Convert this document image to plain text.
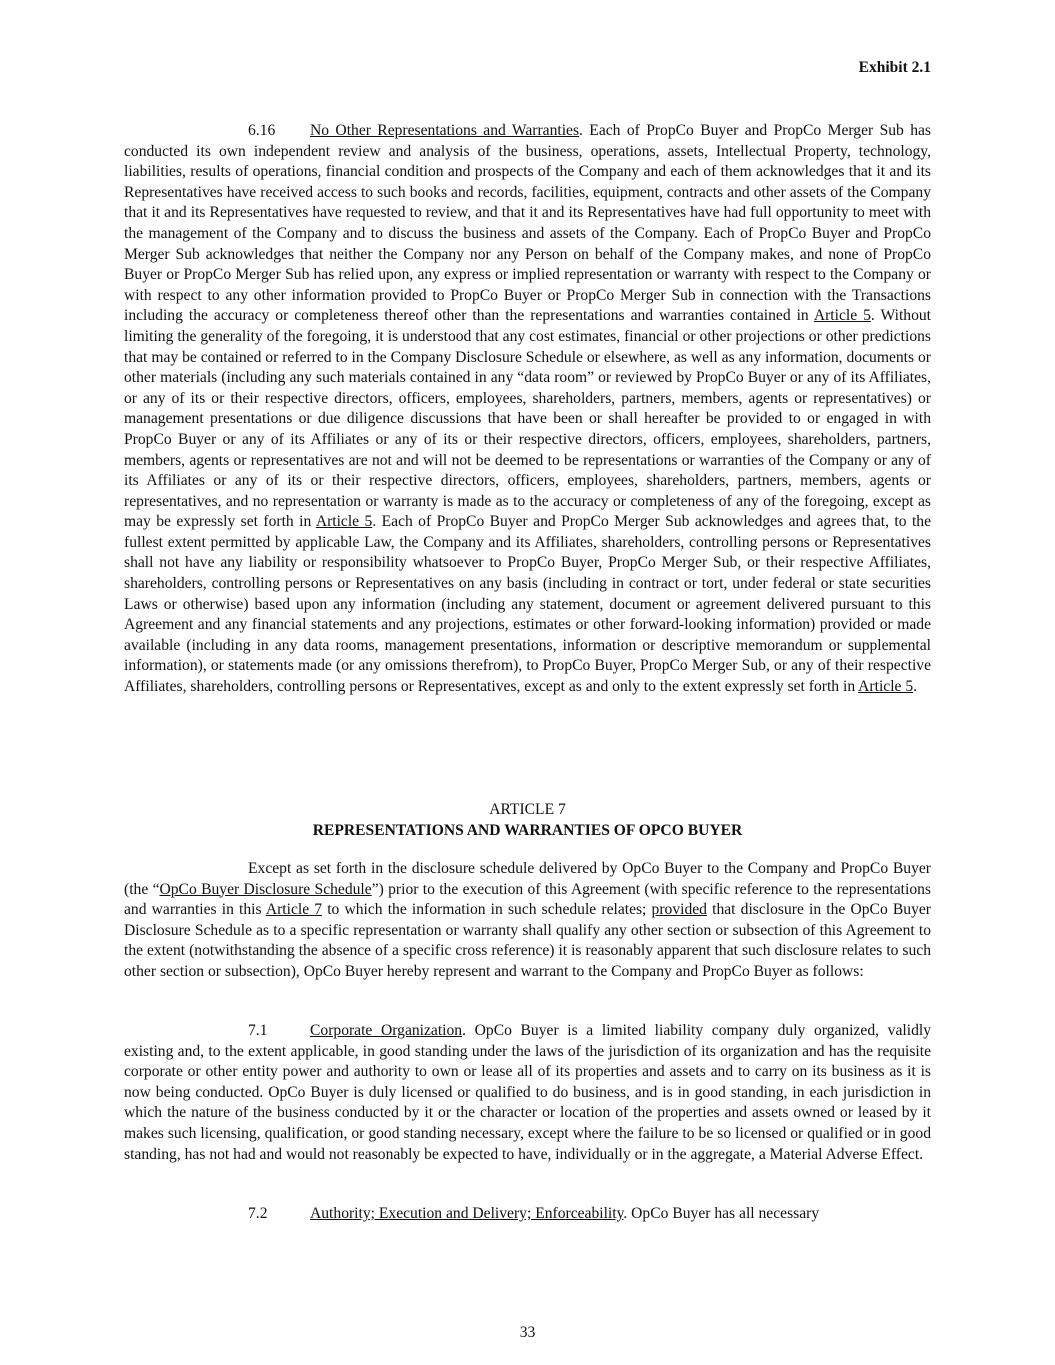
Exhibit 2.1

6.16 No Other Representations and Warranties. Each of PropCo Buyer and PropCo Merger Sub has conducted its own independent review and analysis of the business, operations, assets, Intellectual Property, technology, liabilities, results of operations, financial condition and prospects of the Company and each of them acknowledges that it and its Representatives have received access to such books and records, facilities, equipment, contracts and other assets of the Company that it and its Representatives have requested to review, and that it and its Representatives have had full opportunity to meet with the management of the Company and to discuss the business and assets of the Company. Each of PropCo Buyer and PropCo Merger Sub acknowledges that neither the Company nor any Person on behalf of the Company makes, and none of PropCo Buyer or PropCo Merger Sub has relied upon, any express or implied representation or warranty with respect to the Company or with respect to any other information provided to PropCo Buyer or PropCo Merger Sub in connection with the Transactions including the accuracy or completeness thereof other than the representations and warranties contained in Article 5. Without limiting the generality of the foregoing, it is understood that any cost estimates, financial or other projections or other predictions that may be contained or referred to in the Company Disclosure Schedule or elsewhere, as well as any information, documents or other materials (including any such materials contained in any “data room” or reviewed by PropCo Buyer or any of its Affiliates, or any of its or their respective directors, officers, employees, shareholders, partners, members, agents or representatives) or management presentations or due diligence discussions that have been or shall hereafter be provided to or engaged in with PropCo Buyer or any of its Affiliates or any of its or their respective directors, officers, employees, shareholders, partners, members, agents or representatives are not and will not be deemed to be representations or warranties of the Company or any of its Affiliates or any of its or their respective directors, officers, employees, shareholders, partners, members, agents or representatives, and no representation or warranty is made as to the accuracy or completeness of any of the foregoing, except as may be expressly set forth in Article 5. Each of PropCo Buyer and PropCo Merger Sub acknowledges and agrees that, to the fullest extent permitted by applicable Law, the Company and its Affiliates, shareholders, controlling persons or Representatives shall not have any liability or responsibility whatsoever to PropCo Buyer, PropCo Merger Sub, or their respective Affiliates, shareholders, controlling persons or Representatives on any basis (including in contract or tort, under federal or state securities Laws or otherwise) based upon any information (including any statement, document or agreement delivered pursuant to this Agreement and any financial statements and any projections, estimates or other forward-looking information) provided or made available (including in any data rooms, management presentations, information or descriptive memorandum or supplemental information), or statements made (or any omissions therefrom), to PropCo Buyer, PropCo Merger Sub, or any of their respective Affiliates, shareholders, controlling persons or Representatives, except as and only to the extent expressly set forth in Article 5.

ARTICLE 7
REPRESENTATIONS AND WARRANTIES OF OPCO BUYER

Except as set forth in the disclosure schedule delivered by OpCo Buyer to the Company and PropCo Buyer (the “OpCo Buyer Disclosure Schedule”) prior to the execution of this Agreement (with specific reference to the representations and warranties in this Article 7 to which the information in such schedule relates; provided that disclosure in the OpCo Buyer Disclosure Schedule as to a specific representation or warranty shall qualify any other section or subsection of this Agreement to the extent (notwithstanding the absence of a specific cross reference) it is reasonably apparent that such disclosure relates to such other section or subsection), OpCo Buyer hereby represent and warrant to the Company and PropCo Buyer as follows:

7.1	Corporate Organization. OpCo Buyer is a limited liability company duly organized, validly existing and, to the extent applicable, in good standing under the laws of the jurisdiction of its organization and has the requisite corporate or other entity power and authority to own or lease all of its properties and assets and to carry on its business as it is now being conducted. OpCo Buyer is duly licensed or qualified to do business, and is in good standing, in each jurisdiction in which the nature of the business conducted by it or the character or location of the properties and assets owned or leased by it makes such licensing, qualification, or good standing necessary, except where the failure to be so licensed or qualified or in good standing, has not had and would not reasonably be expected to have, individually or in the aggregate, a Material Adverse Effect.

7.2	Authority; Execution and Delivery; Enforceability. OpCo Buyer has all necessary

33
